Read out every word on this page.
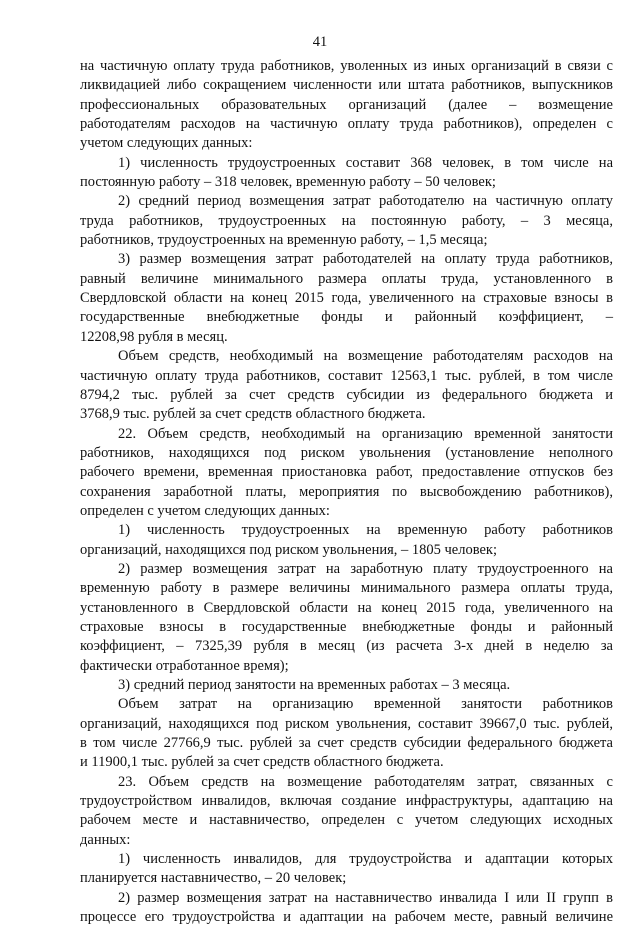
41
на частичную оплату труда работников, уволенных из иных организаций в связи с
ликвидацией либо сокращением численности или штата работников, выпускников
профессиональных образовательных организаций (далее – возмещение
работодателям расходов на частичную оплату труда работников), определен с
учетом следующих данных:
1) численность трудоустроенных составит 368 человек, в том числе на
постоянную работу – 318 человек, временную работу – 50 человек;
2) средний период возмещения затрат работодателю на частичную оплату
труда работников, трудоустроенных на постоянную работу, – 3 месяца,
работников, трудоустроенных на временную работу, – 1,5 месяца;
3) размер возмещения затрат работодателей на оплату труда работников,
равный величине минимального размера оплаты труда, установленного в
Свердловской области на конец 2015 года, увеличенного на страховые взносы в
государственные внебюджетные фонды и районный коэффициент, –
12208,98 рубля в месяц.
Объем средств, необходимый на возмещение работодателям расходов на
частичную оплату труда работников, составит 12563,1 тыс. рублей, в том числе
8794,2 тыс. рублей за счет средств субсидии из федерального бюджета и
3768,9 тыс. рублей за счет средств областного бюджета.
22. Объем средств, необходимый на организацию временной занятости
работников, находящихся под риском увольнения (установление неполного
рабочего времени, временная приостановка работ, предоставление отпусков без
сохранения заработной платы, мероприятия по высвобождению работников),
определен с учетом следующих данных:
1) численность трудоустроенных на временную работу работников
организаций, находящихся под риском увольнения, – 1805 человек;
2) размер возмещения затрат на заработную плату трудоустроенного на
временную работу в размере величины минимального размера оплаты труда,
установленного в Свердловской области на конец 2015 года, увеличенного на
страховые взносы в государственные внебюджетные фонды и районный
коэффициент, – 7325,39 рубля в месяц (из расчета 3-х дней в неделю за
фактически отработанное время);
3) средний период занятости на временных работах – 3 месяца.
Объем затрат на организацию временной занятости работников
организаций, находящихся под риском увольнения, составит 39667,0 тыс. рублей,
в том числе 27766,9 тыс. рублей за счет средств субсидии федерального бюджета
и 11900,1 тыс. рублей за счет средств областного бюджета.
23. Объем средств на возмещение работодателям затрат, связанных с
трудоустройством инвалидов, включая создание инфраструктуры, адаптацию на
рабочем месте и наставничество, определен с учетом следующих исходных
данных:
1) численность инвалидов, для трудоустройства и адаптации которых
планируется наставничество, – 20 человек;
2) размер возмещения затрат на наставничество инвалида I или II групп в
процессе его трудоустройства и адаптации на рабочем месте, равный величине
